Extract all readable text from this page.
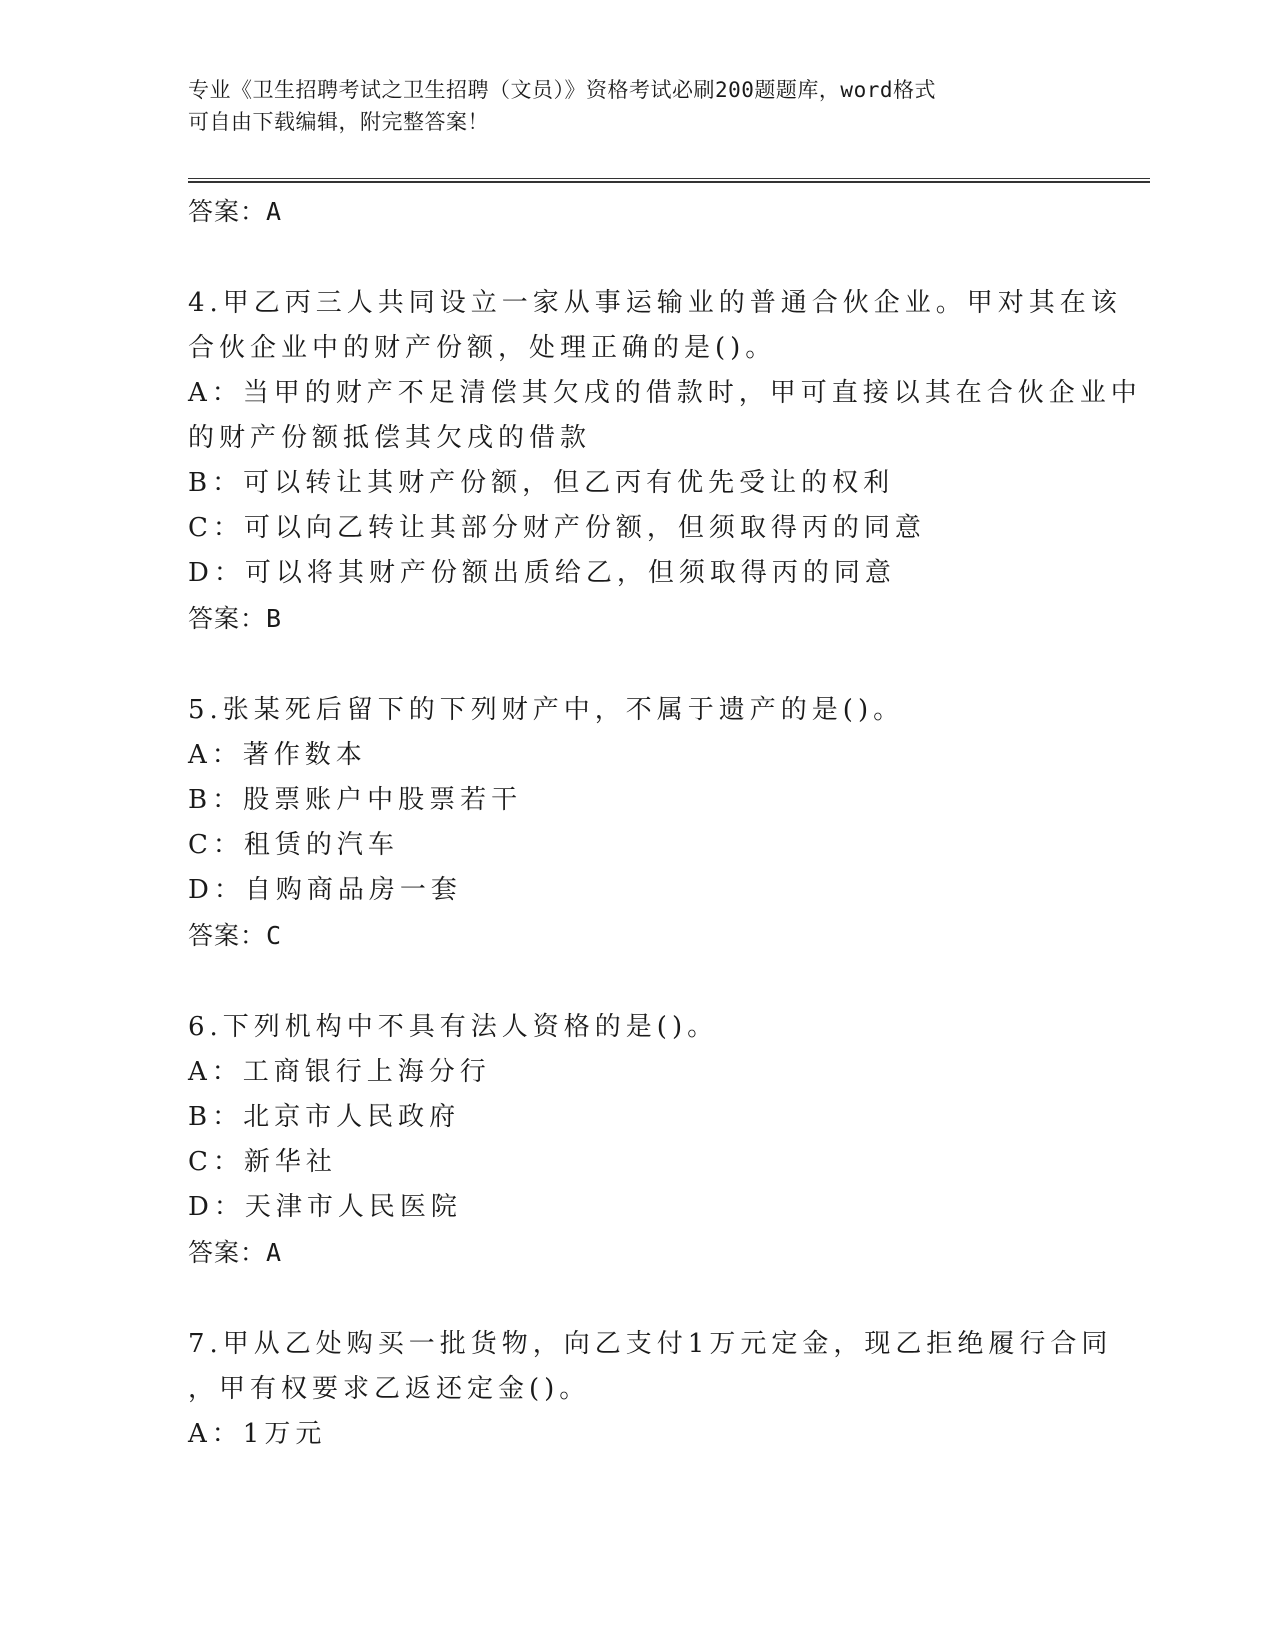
专业《卫生招聘考试之卫生招聘（文员）》资格考试必刷200题题库，word格式
可自由下载编辑，附完整答案！
答案：A
4.甲乙丙三人共同设立一家从事运输业的普通合伙企业。甲对其在该
合伙企业中的财产份额，处理正确的是()。
A：当甲的财产不足清偿其欠戌的借款时，甲可直接以其在合伙企业中
的财产份额抵偿其欠戌的借款
B：可以转让其财产份额，但乙丙有优先受让的权利
C：可以向乙转让其部分财产份额，但须取得丙的同意
D：可以将其财产份额出质给乙，但须取得丙的同意
答案：B
5.张某死后留下的下列财产中，不属于遗产的是()。
A：著作数本
B：股票账户中股票若干
C：租赁的汽车
D：自购商品房一套
答案：C
6.下列机构中不具有法人资格的是()。
A：工商银行上海分行
B：北京市人民政府
C：新华社
D：天津市人民医院
答案：A
7.甲从乙处购买一批货物，向乙支付1万元定金，现乙拒绝履行合同
，甲有权要求乙返还定金()。
A：1万元
